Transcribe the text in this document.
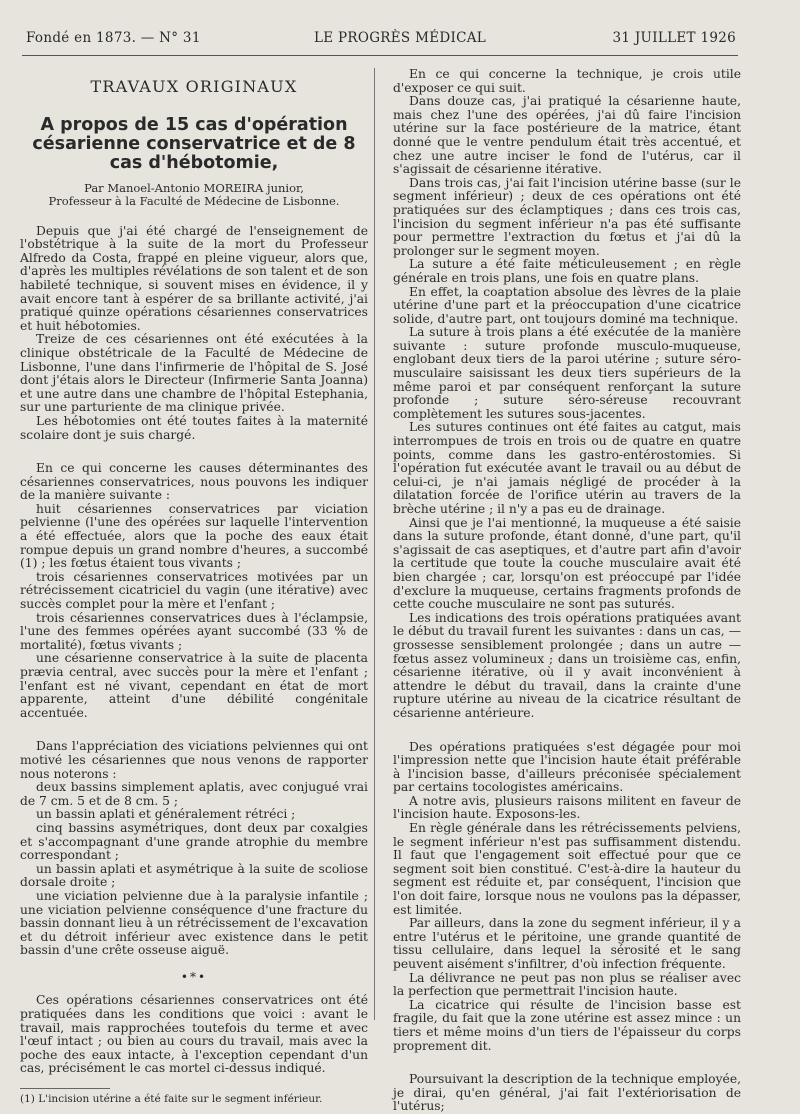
Fondé en 1873. — N° 31	LE PROGRÈS MÉDICAL	31 JUILLET 1926
TRAVAUX ORIGINAUX
A propos de 15 cas d'opération césarienne conservatrice et de 8 cas d'hébotomie,

Par Manoel-Antonio MOREIRA junior,

Professeur à la Faculté de Médecine de Lisbonne.

Depuis que j'ai été chargé de l'enseignement de l'obstétrique à la suite de la mort du Professeur Alfredo da Costa, frappé en pleine vigueur, alors que, d'après les multiples révélations de son talent et de son habileté technique, si souvent mises en évidence, il y avait encore tant à espérer de sa brillante activité, j'ai pratiqué quinze opérations césariennes conservatrices et huit hébotomies.

Treize de ces césariennes ont été exécutées à la clinique obstétricale de la Faculté de Médecine de Lisbonne, l'une dans l'infirmerie de l'hôpital de S. José dont j'étais alors le Directeur (Infirmerie Santa Joanna) et une autre dans une chambre de l'hôpital Estephania, sur une parturiente de ma clinique privée.

Les hébotomies ont été toutes faites à la maternité scolaire dont je suis chargé.

En ce qui concerne les causes déterminantes des césariennes conservatrices, nous pouvons les indiquer de la manière suivante :

huit césariennes conservatrices par viciation pelvienne (l'une des opérées sur laquelle l'intervention a été effectuée, alors que la poche des eaux était rompue depuis un grand nombre d'heures, a succombé (1) ; les fœtus étaient tous vivants ;

trois césariennes conservatrices motivées par un rétrécissement cicatriciel du vagin (une itérative) avec succès complet pour la mère et l'enfant ;

trois césariennes conservatrices dues à l'éclampsie, l'une des femmes opérées ayant succombé (33 % de mortalité), fœtus vivants ;

une césarienne conservatrice à la suite de placenta prævia central, avec succès pour la mère et l'enfant ; l'enfant est né vivant, cependant en état de mort apparente, atteint d'une débilité congénitale accentuée.

Dans l'appréciation des viciations pelviennes qui ont motivé les césariennes que nous venons de rapporter nous noterons :

deux bassins simplement aplatis, avec conjugué vrai de 7 cm. 5 et de 8 cm. 5 ;

un bassin aplati et généralement rétréci ;

cinq bassins asymétriques, dont deux par coxalgies et s'accompagnant d'une grande atrophie du membre correspondant ;

un bassin aplati et asymétrique à la suite de scoliose dorsale droite ;

une viciation pelvienne due à la paralysie infantile ; une viciation pelvienne conséquence d'une fracture du bassin donnant lieu à un rétrécissement de l'excavation et du détroit inférieur avec existence dans le petit bassin d'une crête osseuse aiguë.

•*•

Ces opérations césariennes conservatrices ont été pratiquées dans les conditions que voici : avant le travail, mais rapprochées toutefois du terme et avec l'œuf intact ; ou bien au cours du travail, mais avec la poche des eaux intacte, à l'exception cependant d'un cas, précisément le cas mortel ci-dessus indiqué.

(1) L'incision utérine a été faite sur le segment inférieur.

En ce qui concerne la technique, je crois utile d'exposer ce qui suit.

Dans douze cas, j'ai pratiqué la césarienne haute, mais chez l'une des opérées, j'ai dû faire l'incision utérine sur la face postérieure de la matrice, étant donné que le ventre pendulum était très accentué, et chez une autre inciser le fond de l'utérus, car il s'agissait de césarienne itérative.

Dans trois cas, j'ai fait l'incision utérine basse (sur le segment inférieur) ; deux de ces opérations ont été pratiquées sur des éclamptiques ; dans ces trois cas, l'incision du segment inférieur n'a pas été suffisante pour permettre l'extraction du fœtus et j'ai dû la prolonger sur le segment moyen.

La suture a été faite méticuleusement ; en règle générale en trois plans, une fois en quatre plans.

En effet, la coaptation absolue des lèvres de la plaie utérine d'une part et la préoccupation d'une cicatrice solide, d'autre part, ont toujours dominé ma technique.

La suture à trois plans a été exécutée de la manière suivante : suture profonde musculo-muqueuse, englobant deux tiers de la paroi utérine ; suture séro-musculaire saisissant les deux tiers supérieurs de la même paroi et par conséquent renforçant la suture profonde ; suture séro-séreuse recouvrant complètement les sutures sous-jacentes.

Les sutures continues ont été faites au catgut, mais interrompues de trois en trois ou de quatre en quatre points, comme dans les gastro-entérostomies. Si l'opération fut exécutée avant le travail ou au début de celui-ci, je n'ai jamais négligé de procéder à la dilatation forcée de l'orifice utérin au travers de la brèche utérine ; il n'y a pas eu de drainage.

Ainsi que je l'ai mentionné, la muqueuse a été saisie dans la suture profonde, étant donné, d'une part, qu'il s'agissait de cas aseptiques, et d'autre part afin d'avoir la certitude que toute la couche musculaire avait été bien chargée ; car, lorsqu'on est préoccupé par l'idée d'exclure la muqueuse, certains fragments profonds de cette couche musculaire ne sont pas suturés.

Les indications des trois opérations pratiquées avant le début du travail furent les suivantes : dans un cas, — grossesse sensiblement prolongée ; dans un autre — fœtus assez volumineux ; dans un troisième cas, enfin, césarienne itérative, où il y avait inconvénient à attendre le début du travail, dans la crainte d'une rupture utérine au niveau de la cicatrice résultant de césarienne antérieure.

Des opérations pratiquées s'est dégagée pour moi l'impression nette que l'incision haute était préférable à l'incision basse, d'ailleurs préconisée spécialement par certains tocologistes américains.

A notre avis, plusieurs raisons militent en faveur de l'incision haute. Exposons-les.

En règle générale dans les rétrécissements pelviens, le segment inférieur n'est pas suffisamment distendu. Il faut que l'engagement soit effectué pour que ce segment soit bien constitué. C'est-à-dire la hauteur du segment est réduite et, par conséquent, l'incision que l'on doit faire, lorsque nous ne voulons pas la dépasser, est limitée.

Par ailleurs, dans la zone du segment inférieur, il y a entre l'utérus et le péritoine, une grande quantité de tissu cellulaire, dans lequel la sérosité et le sang peuvent aisément s'infiltrer, d'où infection fréquente.

La délivrance ne peut pas non plus se réaliser avec la perfection que permettrait l'incision haute.

La cicatrice qui résulte de l'incision basse est fragile, du fait que la zone utérine est assez mince : un tiers et même moins d'un tiers de l'épaisseur du corps proprement dit.

Poursuivant la description de la technique employée, je dirai, qu'en général, j'ai fait l'extériorisation de l'utérus;
